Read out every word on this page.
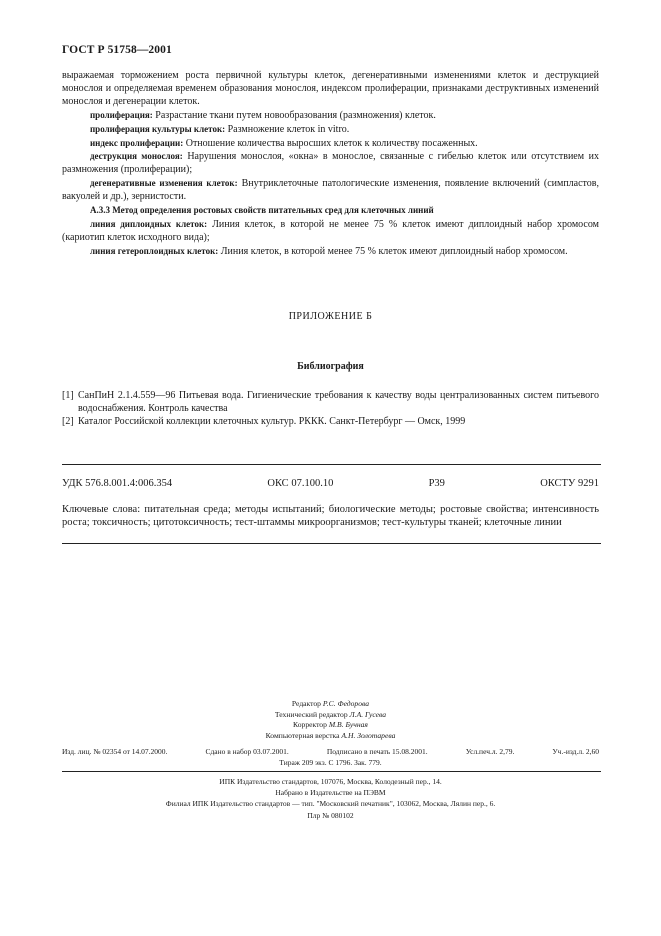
ГОСТ Р 51758—2001

выражаемая торможением роста первичной культуры клеток, дегенеративными изменениями клеток и деструкцией монослоя и определяемая временем образования монослоя, индексом пролиферации, признаками деструктивных изменений монослоя и дегенерации клеток.

пролиферация: Разрастание ткани путем новообразования (размножения) клеток.

пролиферация культуры клеток: Размножение клеток in vitro.

индекс пролиферации: Отношение количества выросших клеток к количеству посаженных.

деструкция монослоя: Нарушения монослоя, «окна» в монослое, связанные с гибелью клеток или отсутствием их размножения (пролиферации);

дегенеративные изменения клеток: Внутриклеточные патологические изменения, появление включений (симпластов, вакуолей и др.), зернистости.

А.3.3 Метод определения ростовых свойств питательных сред для клеточных линий

линия диплоидных клеток: Линия клеток, в которой не менее 75 % клеток имеют диплоидный набор хромосом (кариотип клеток исходного вида);

линия гетероплоидных клеток: Линия клеток, в которой менее 75 % клеток имеют диплоидный набор хромосом.

ПРИЛОЖЕНИЕ Б
Библиография
[1] СанПиН 2.1.4.559—96 Питьевая вода. Гигиенические требования к качеству воды централизованных систем питьевого водоснабжения. Контроль качества
[2] Каталог Российской коллекции клеточных культур. РККК. Санкт-Петербург — Омск, 1999
УДК 576.8.001.4:006.354	ОКС 07.100.10	Р39	ОКСТУ 9291
Ключевые слова: питательная среда; методы испытаний; биологические методы; ростовые свойства; интенсивность роста; токсичность; цитотоксичность; тест-штаммы микроорганизмов; тест-культуры тканей; клеточные линии
Редактор Р.С. Федорова
Технический редактор Л.А. Гусева
Корректор М.В. Бучная
Компьютерная верстка А.Н. Золотарева
Изд. лиц. № 02354 от 14.07.2000.	Сдано в набор 03.07.2001.	Подписано в печать 15.08.2001.	Усл.печ.л. 2,79.	Уч.-изд.л. 2,60
Тираж 209 экз. С 1796. Зак. 779.
ИПК Издательство стандартов, 107076, Москва, Колодезный пер., 14.
Набрано в Издательстве на ПЭВМ
Филиал ИПК Издательство стандартов — тип. "Московский печатник", 103062, Москва, Лялин пер., 6.
Плр № 080102
